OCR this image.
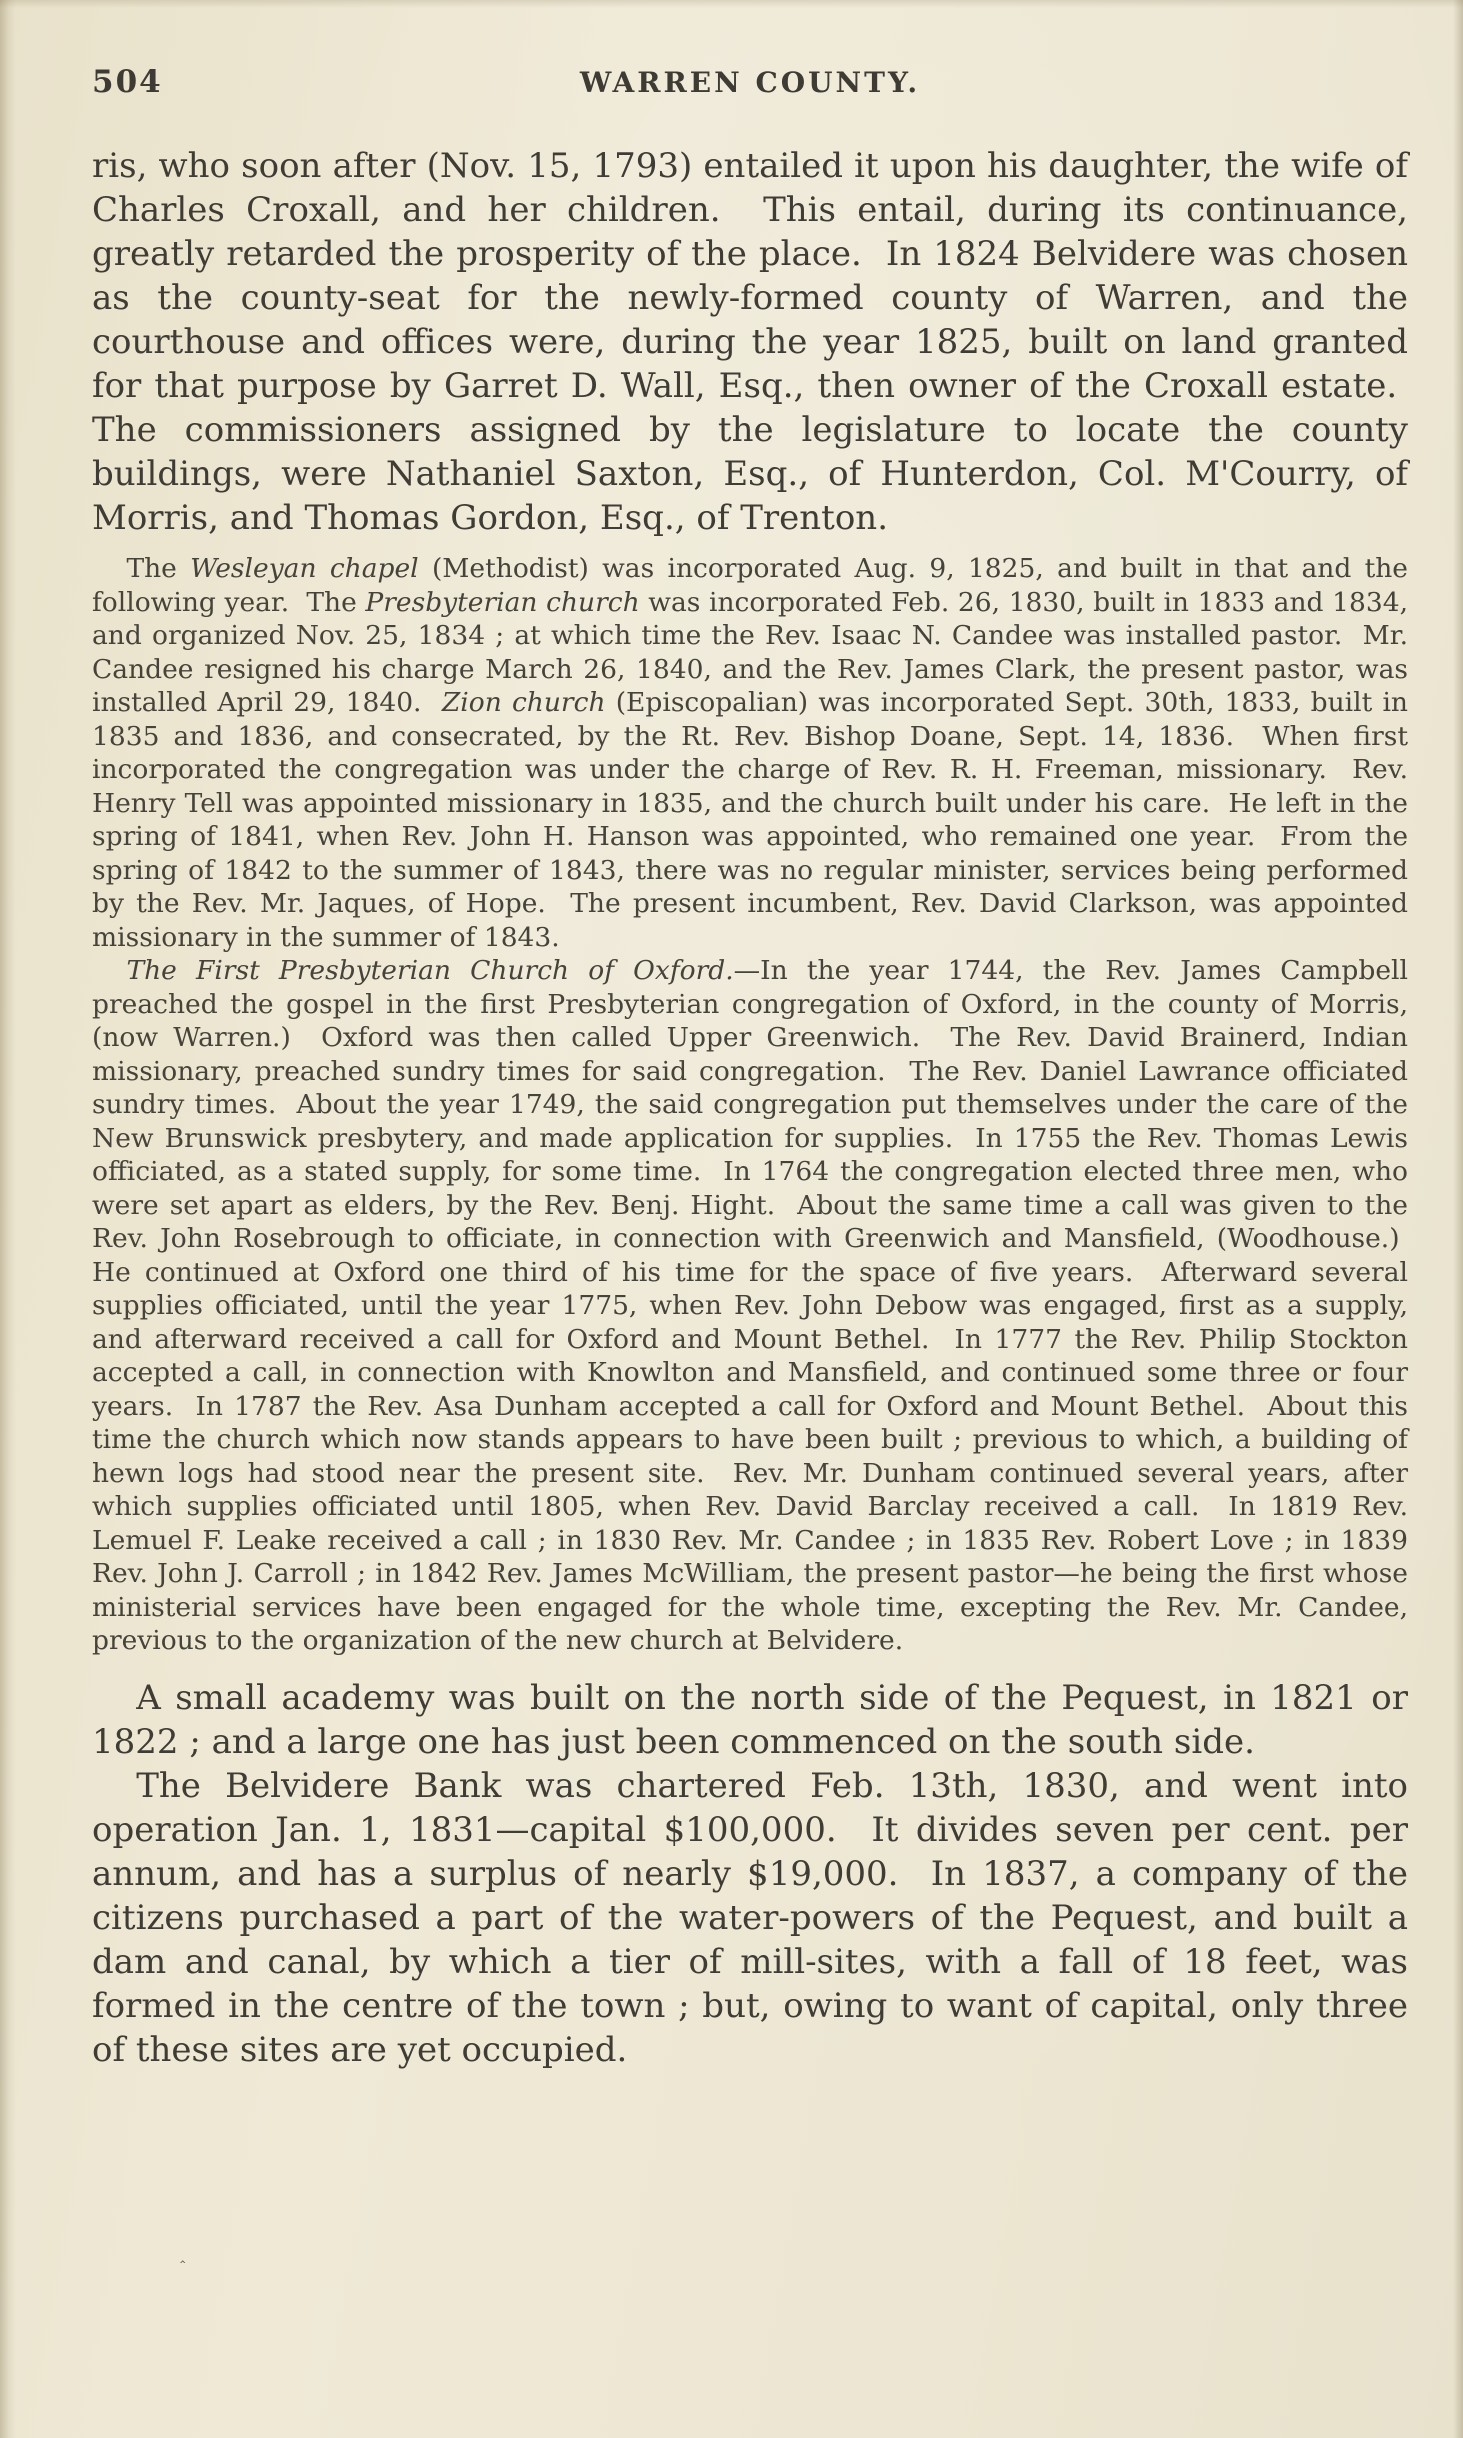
504	WARREN COUNTY.

ris, who soon after (Nov. 15, 1793) entailed it upon his daughter, the wife of Charles Croxall, and her children.  This entail, during its continuance, greatly retarded the prosperity of the place.  In 1824 Belvidere was chosen as the county-seat for the newly-formed county of Warren, and the courthouse and offices were, during the year 1825, built on land granted for that purpose by Garret D. Wall, Esq., then owner of the Croxall estate.  The commissioners assigned by the legislature to locate the county buildings, were Nathaniel Saxton, Esq., of Hunterdon, Col. M'Courry, of Morris, and Thomas Gordon, Esq., of Trenton.

The Wesleyan chapel (Methodist) was incorporated Aug. 9, 1825, and built in that and the following year.  The Presbyterian church was incorporated Feb. 26, 1830, built in 1833 and 1834, and organized Nov. 25, 1834 ; at which time the Rev. Isaac N. Candee was installed pastor.  Mr. Candee resigned his charge March 26, 1840, and the Rev. James Clark, the present pastor, was installed April 29, 1840.  Zion church (Episcopalian) was incorporated Sept. 30th, 1833, built in 1835 and 1836, and consecrated, by the Rt. Rev. Bishop Doane, Sept. 14, 1836.  When first incorporated the congregation was under the charge of Rev. R. H. Freeman, missionary.  Rev. Henry Tell was appointed missionary in 1835, and the church built under his care.  He left in the spring of 1841, when Rev. John H. Hanson was appointed, who remained one year.  From the spring of 1842 to the summer of 1843, there was no regular minister, services being performed by the Rev. Mr. Jaques, of Hope.  The present incumbent, Rev. David Clarkson, was appointed missionary in the summer of 1843.

The First Presbyterian Church of Oxford.—In the year 1744, the Rev. James Campbell preached the gospel in the first Presbyterian congregation of Oxford, in the county of Morris, (now Warren.)  Oxford was then called Upper Greenwich.  The Rev. David Brainerd, Indian missionary, preached sundry times for said congregation.  The Rev. Daniel Lawrance officiated sundry times.  About the year 1749, the said congregation put themselves under the care of the New Brunswick presbytery, and made application for supplies.  In 1755 the Rev. Thomas Lewis officiated, as a stated supply, for some time.  In 1764 the congregation elected three men, who were set apart as elders, by the Rev. Benj. Hight.  About the same time a call was given to the Rev. John Rosebrough to officiate, in connection with Greenwich and Mansfield, (Woodhouse.)  He continued at Oxford one third of his time for the space of five years.  Afterward several supplies officiated, until the year 1775, when Rev. John Debow was engaged, first as a supply, and afterward received a call for Oxford and Mount Bethel.  In 1777 the Rev. Philip Stockton accepted a call, in connection with Knowlton and Mansfield, and continued some three or four years.  In 1787 the Rev. Asa Dunham accepted a call for Oxford and Mount Bethel.  About this time the church which now stands appears to have been built ; previous to which, a building of hewn logs had stood near the present site.  Rev. Mr. Dunham continued several years, after which supplies officiated until 1805, when Rev. David Barclay received a call.  In 1819 Rev. Lemuel F. Leake received a call ; in 1830 Rev. Mr. Candee ; in 1835 Rev. Robert Love ; in 1839 Rev. John J. Carroll ; in 1842 Rev. James McWilliam, the present pastor—he being the first whose ministerial services have been engaged for the whole time, excepting the Rev. Mr. Candee, previous to the organization of the new church at Belvidere.

A small academy was built on the north side of the Pequest, in 1821 or 1822 ; and a large one has just been commenced on the south side.

The Belvidere Bank was chartered Feb. 13th, 1830, and went into operation Jan. 1, 1831—capital $100,000.  It divides seven per cent. per annum, and has a surplus of nearly $19,000.  In 1837, a company of the citizens purchased a part of the water-powers of the Pequest, and built a dam and canal, by which a tier of mill-sites, with a fall of 18 feet, was formed in the centre of the town ; but, owing to want of capital, only three of these sites are yet occupied.

‸
